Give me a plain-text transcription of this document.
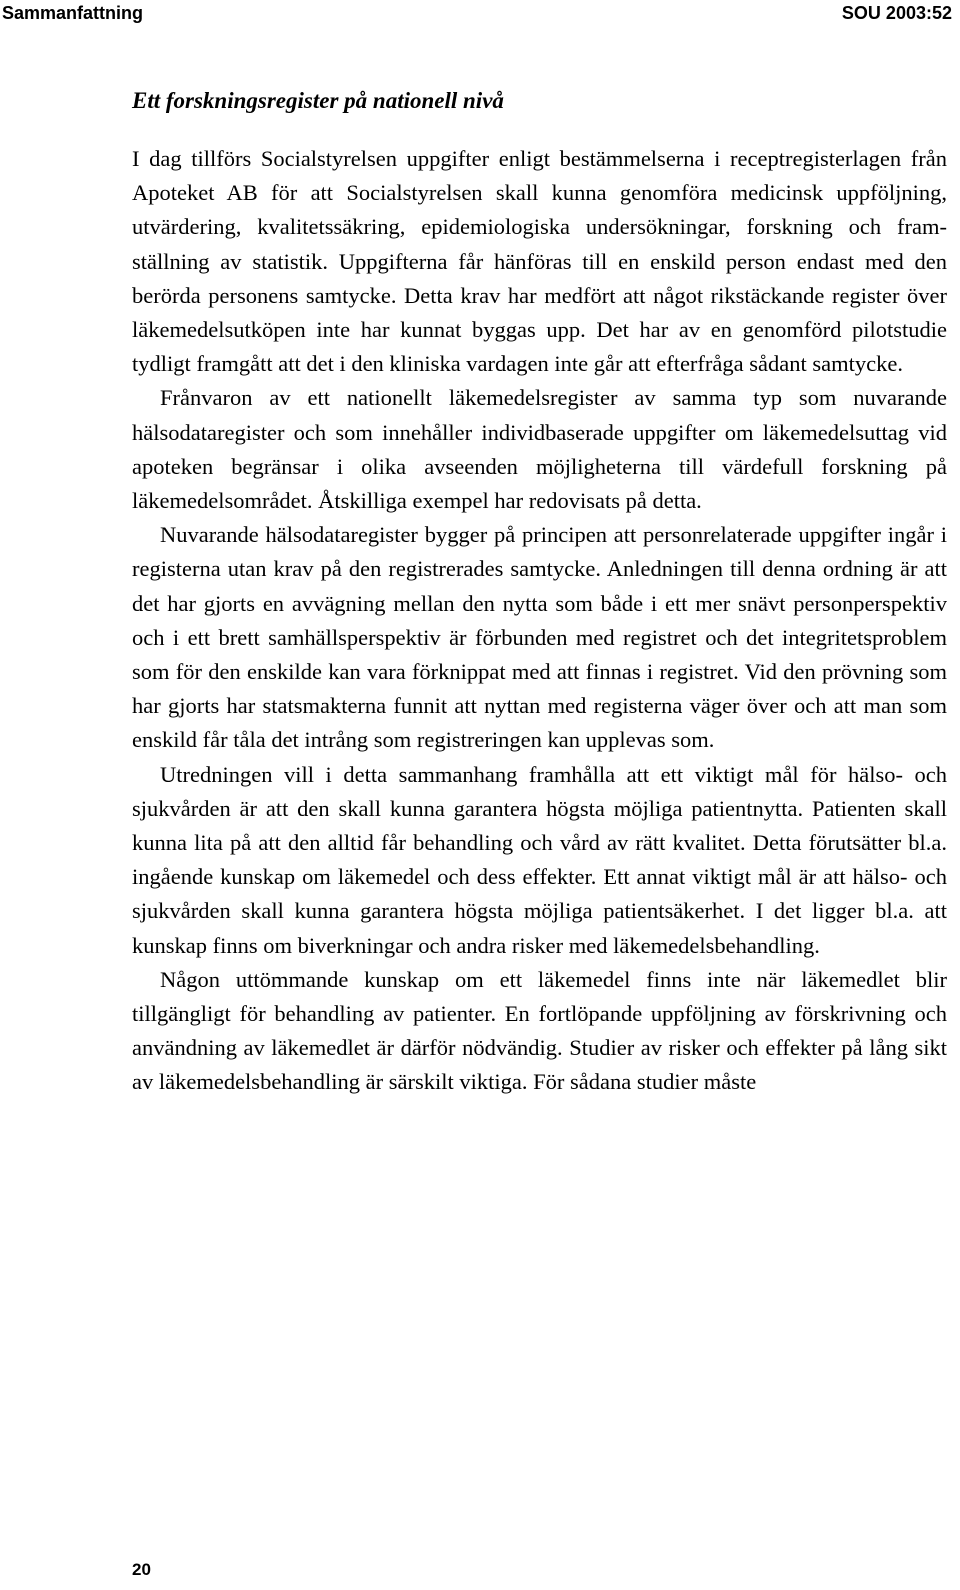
Sammanfattning	SOU 2003:52
Ett forskningsregister på nationell nivå

I dag tillförs Socialstyrelsen uppgifter enligt bestämmelserna i receptregisterlagen från Apoteket AB för att Socialstyrelsen skall kunna genomföra medicinsk uppföljning, utvärdering, kvalitetssäkring, epidemiologiska undersökningar, forskning och framställning av statistik. Uppgifterna får hänföras till en enskild person endast med den berörda personens samtycke. Detta krav har medfört att något rikstäckande register över läkemedelsutköpen inte har kunnat byggas upp. Det har av en genomförd pilotstudie tydligt framgått att det i den kliniska vardagen inte går att efterfråga sådant samtycke.

Frånvaron av ett nationellt läkemedelsregister av samma typ som nuvarande hälsodataregister och som innehåller individbaserade uppgifter om läkemedelsuttag vid apoteken begränsar i olika avseenden möjligheterna till värdefull forskning på läkemedelsområdet. Åtskilliga exempel har redovisats på detta.

Nuvarande hälsodataregister bygger på principen att personrelaterade uppgifter ingår i registerna utan krav på den registrerades samtycke. Anledningen till denna ordning är att det har gjorts en avvägning mellan den nytta som både i ett mer snävt personperspektiv och i ett brett samhällsperspektiv är förbunden med registret och det integritetsproblem som för den enskilde kan vara förknippat med att finnas i registret. Vid den prövning som har gjorts har statsmakterna funnit att nyttan med registerna väger över och att man som enskild får tåla det intrång som registreringen kan upplevas som.

Utredningen vill i detta sammanhang framhålla att ett viktigt mål för hälso- och sjukvården är att den skall kunna garantera högsta möjliga patientnytta. Patienten skall kunna lita på att den alltid får behandling och vård av rätt kvalitet. Detta förutsätter bl.a. ingående kunskap om läkemedel och dess effekter. Ett annat viktigt mål är att hälso- och sjukvården skall kunna garantera högsta möjliga patientsäkerhet. I det ligger bl.a. att kunskap finns om biverkningar och andra risker med läkemedelsbehandling.

Någon uttömmande kunskap om ett läkemedel finns inte när läkemedlet blir tillgängligt för behandling av patienter. En fortlöpande uppföljning av förskrivning och användning av läkemedlet är därför nödvändig. Studier av risker och effekter på lång sikt av läkemedelsbehandling är särskilt viktiga. För sådana studier måste

20
